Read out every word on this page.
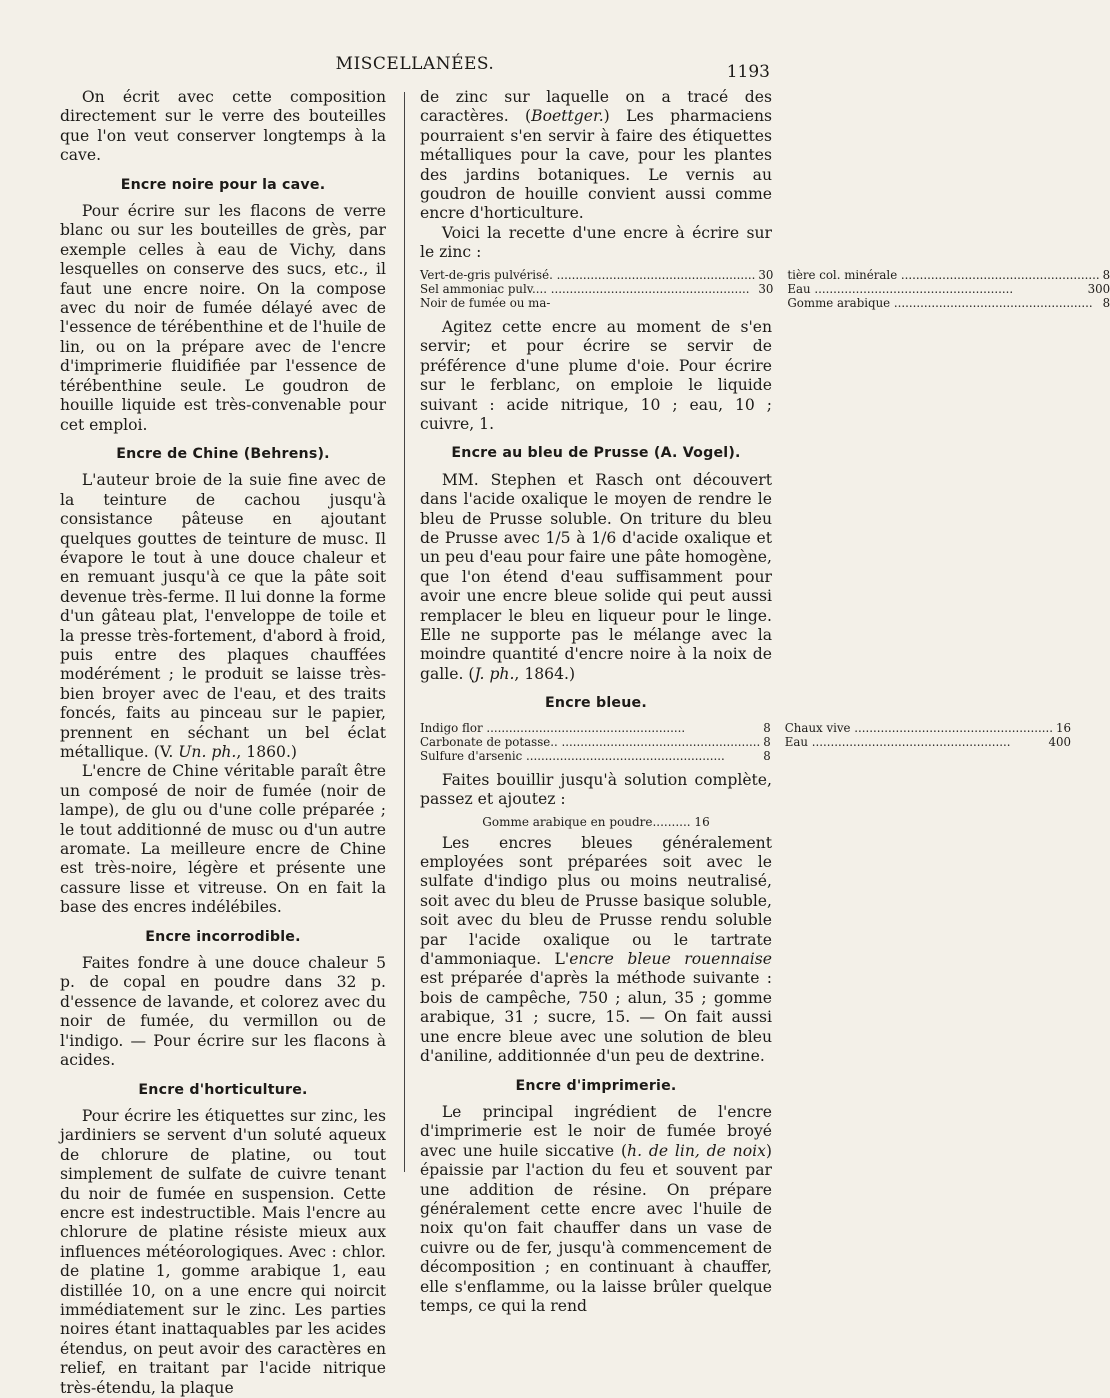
MISCELLANÉES.	1193

On écrit avec cette composition directement sur le verre des bouteilles que l'on veut conserver longtemps à la cave.

Encre noire pour la cave.

Pour écrire sur les flacons de verre blanc ou sur les bouteilles de grès, par exemple celles à eau de Vichy, dans lesquelles on conserve des sucs, etc., il faut une encre noire. On la compose avec du noir de fumée délayé avec de l'essence de térébenthine et de l'huile de lin, ou on la prépare avec de l'encre d'imprimerie fluidifiée par l'essence de térébenthine seule. Le goudron de houille liquide est très-convenable pour cet emploi.

Encre de Chine (Behrens).

L'auteur broie de la suie fine avec de la teinture de cachou jusqu'à consistance pâteuse en ajoutant quelques gouttes de teinture de musc. Il évapore le tout à une douce chaleur et en remuant jusqu'à ce que la pâte soit devenue très-ferme. Il lui donne la forme d'un gâteau plat, l'enveloppe de toile et la presse très-fortement, d'abord à froid, puis entre des plaques chauffées modérément ; le produit se laisse très-bien broyer avec de l'eau, et des traits foncés, faits au pinceau sur le papier, prennent en séchant un bel éclat métallique. (V. Un. ph., 1860.)

L'encre de Chine véritable paraît être un composé de noir de fumée (noir de lampe), de glu ou d'une colle préparée ; le tout additionné de musc ou d'un autre aromate. La meilleure encre de Chine est très-noire, légère et présente une cassure lisse et vitreuse. On en fait la base des encres indélébiles.

Encre incorrodible.

Faites fondre à une douce chaleur 5 p. de copal en poudre dans 32 p. d'essence de lavande, et colorez avec du noir de fumée, du vermillon ou de l'indigo. — Pour écrire sur les flacons à acides.

Encre d'horticulture.

Pour écrire les étiquettes sur zinc, les jardiniers se servent d'un soluté aqueux de chlorure de platine, ou tout simplement de sulfate de cuivre tenant du noir de fumée en suspension. Cette encre est indestructible. Mais l'encre au chlorure de platine résiste mieux aux influences météorologiques. Avec : chlor. de platine 1, gomme arabique 1, eau distillée 10, on a une encre qui noircit immédiatement sur le zinc. Les parties noires étant inattaquables par les acides étendus, on peut avoir des caractères en relief, en traitant par l'acide nitrique très-étendu, la plaque

de zinc sur laquelle on a tracé des caractères. (Boettger.) Les pharmaciens pourraient s'en servir à faire des étiquettes métalliques pour la cave, pour les plantes des jardins botaniques. Le vernis au goudron de houille convient aussi comme encre d'horticulture.

Voici la recette d'une encre à écrire sur le zinc :

Vert-de-gris pulvérisé. .....	30 tière col. minérale .....	8
Sel ammoniac pulv.... .....	30 Eau .....	300
Noir de fumée ou ma-	Gomme arabique .....	8

Agitez cette encre au moment de s'en servir; et pour écrire se servir de préférence d'une plume d'oie. Pour écrire sur le ferblanc, on emploie le liquide suivant : acide nitrique, 10 ; eau, 10 ; cuivre, 1.

Encre au bleu de Prusse (A. Vogel).

MM. Stephen et Rasch ont découvert dans l'acide oxalique le moyen de rendre le bleu de Prusse soluble. On triture du bleu de Prusse avec 1/5 à 1/6 d'acide oxalique et un peu d'eau pour faire une pâte homogène, que l'on étend d'eau suffisamment pour avoir une encre bleue solide qui peut aussi remplacer le bleu en liqueur pour le linge. Elle ne supporte pas le mélange avec la moindre quantité d'encre noire à la noix de galle. (J. ph., 1864.)

Encre bleue.
Indigo flor .....	8 Chaux vive .....	16
Carbonate de potasse.. .....	8 Eau .....	400
Sulfure d'arsenic .....	8

Faites bouillir jusqu'à solution complète, passez et ajoutez :

Gomme arabique en poudre.......... 16

Les encres bleues généralement employées sont préparées soit avec le sulfate d'indigo plus ou moins neutralisé, soit avec du bleu de Prusse basique soluble, soit avec du bleu de Prusse rendu soluble par l'acide oxalique ou le tartrate d'ammoniaque. L'encre bleue rouennaise est préparée d'après la méthode suivante : bois de campêche, 750 ; alun, 35 ; gomme arabique, 31 ; sucre, 15. — On fait aussi une encre bleue avec une solution de bleu d'aniline, additionnée d'un peu de dextrine.

Encre d'imprimerie.

Le principal ingrédient de l'encre d'imprimerie est le noir de fumée broyé avec une huile siccative (h. de lin, de noix) épaissie par l'action du feu et souvent par une addition de résine. On prépare généralement cette encre avec l'huile de noix qu'on fait chauffer dans un vase de cuivre ou de fer, jusqu'à commencement de décomposition ; en continuant à chauffer, elle s'enflamme, ou la laisse brûler quelque temps, ce qui la rend
